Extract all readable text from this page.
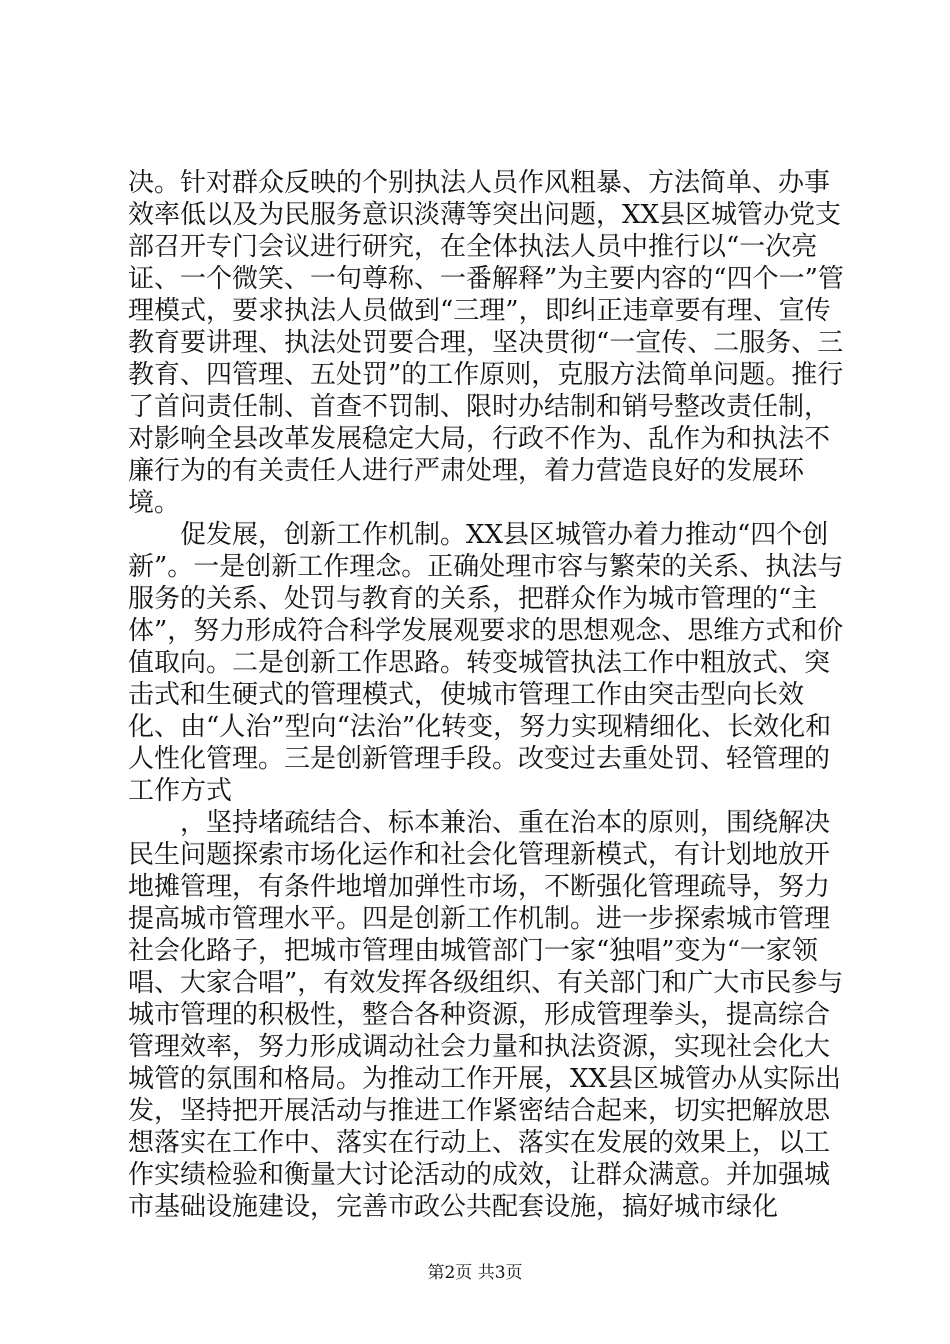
决。针对群众反映的个别执法人员作风粗暴、方法简单、办事效率低以及为民服务意识淡薄等突出问题，XX县区城管办党支部召开专门会议进行研究，在全体执法人员中推行以“一次亮证、一个微笑、一句尊称、一番解释”为主要内容的“四个一”管理模式，要求执法人员做到“三理”，即纠正违章要有理、宣传教育要讲理、执法处罚要合理，坚决贯彻“一宣传、二服务、三教育、四管理、五处罚”的工作原则，克服方法简单问题。推行了首问责任制、首查不罚制、限时办结制和销号整改责任制，对影响全县改革发展稳定大局，行政不作为、乱作为和执法不廉行为的有关责任人进行严肃处理，着力营造良好的发展环境。

　　促发展，创新工作机制。XX县区城管办着力推动“四个创新”。一是创新工作理念。正确处理市容与繁荣的关系、执法与服务的关系、处罚与教育的关系，把群众作为城市管理的“主体”，努力形成符合科学发展观要求的思想观念、思维方式和价值取向。二是创新工作思路。转变城管执法工作中粗放式、突击式和生硬式的管理模式，使城市管理工作由突击型向长效化、由“人治”型向“法治”化转变，努力实现精细化、长效化和人性化管理。三是创新管理手段。改变过去重处罚、轻管理的工作方式

　　，坚持堵疏结合、标本兼治、重在治本的原则，围绕解决民生问题探索市场化运作和社会化管理新模式，有计划地放开地摊管理，有条件地增加弹性市场，不断强化管理疏导，努力提高城市管理水平。四是创新工作机制。进一步探索城市管理社会化路子，把城市管理由城管部门一家“独唱”变为“一家领唱、大家合唱”，有效发挥各级组织、有关部门和广大市民参与城市管理的积极性，整合各种资源，形成管理拳头，提高综合管理效率，努力形成调动社会力量和执法资源，实现社会化大城管的氛围和格局。为推动工作开展，XX县区城管办从实际出发，坚持把开展活动与推进工作紧密结合起来，切实把解放思想落实在工作中、落实在行动上、落实在发展的效果上，以工作实绩检验和衡量大讨论活动的成效，让群众满意。并加强城市基础设施建设，完善市政公共配套设施，搞好城市绿化

第2页 共3页
